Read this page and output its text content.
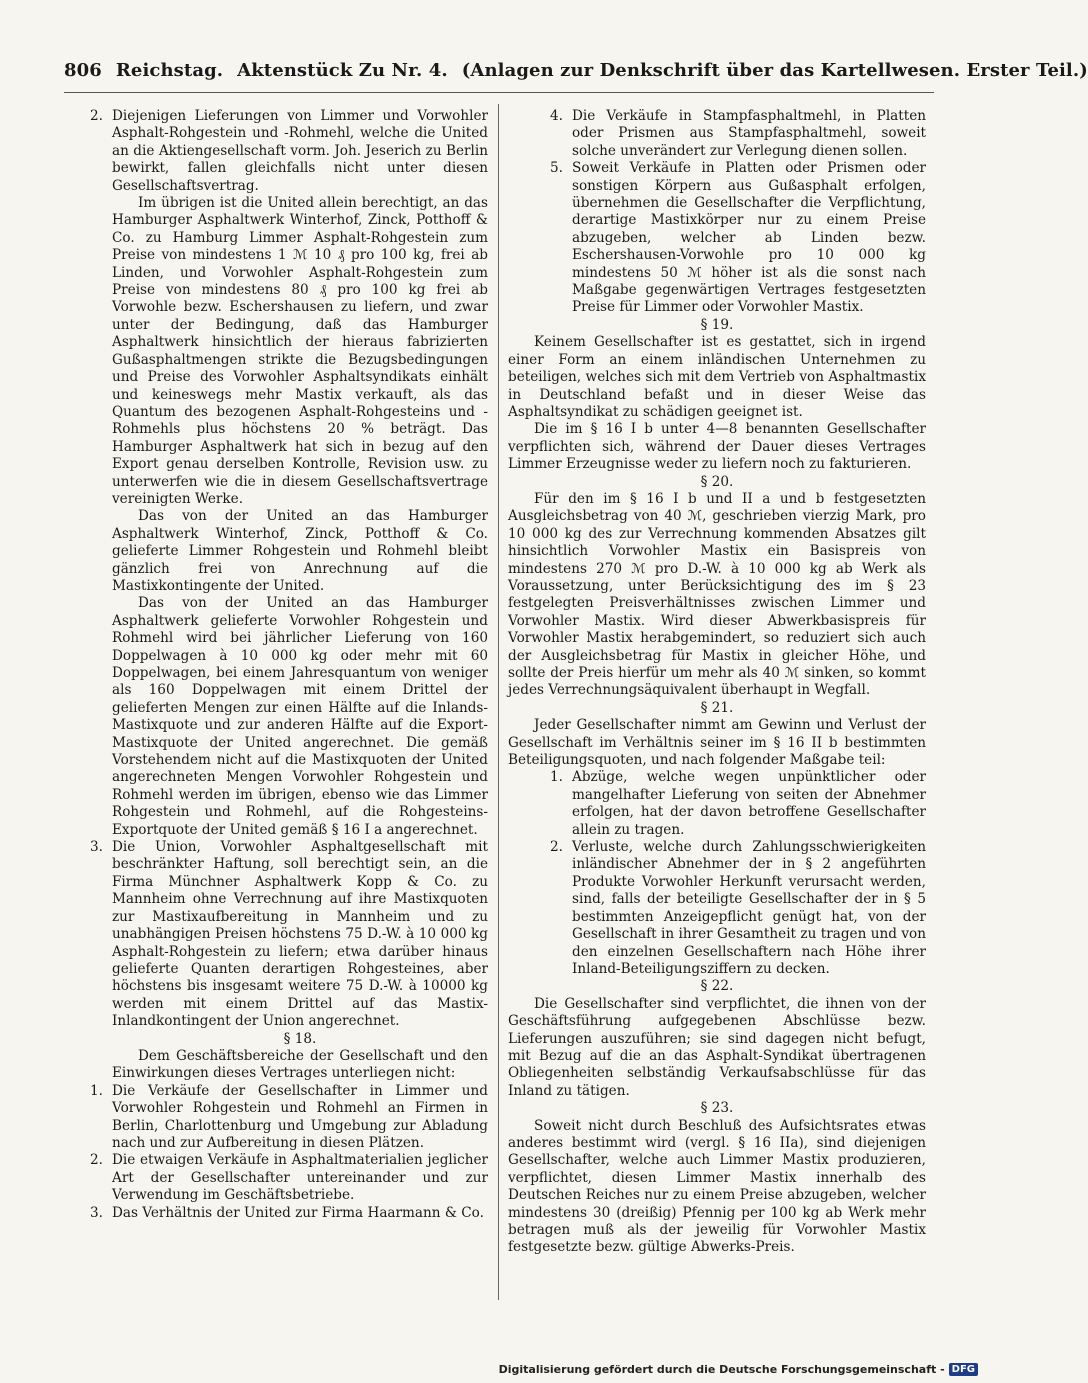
806 Reichstag. Aktenstück Zu Nr. 4. (Anlagen zur Denkschrift über das Kartellwesen. Erster Teil.)
2. Diejenigen Lieferungen von Limmer und Vorwohler Asphalt-Rohgestein und -Rohmehl, welche die United an die Aktiengesellschaft vorm. Joh. Jeserich zu Berlin bewirkt, fallen gleichfalls nicht unter diesen Gesellschaftsvertrag.

Im übrigen ist die United allein berechtigt, an das Hamburger Asphaltwerk Winterhof, Zinck, Potthoff & Co. zu Hamburg Limmer Asphalt-Rohgestein zum Preise von mindestens 1 ℳ 10 ₰ pro 100 kg, frei ab Linden, und Vorwohler Asphalt-Rohgestein zum Preise von mindestens 80 ₰ pro 100 kg frei ab Vorwohle bezw. Eschershausen zu liefern, und zwar unter der Bedingung, daß das Hamburger Asphaltwerk hinsichtlich der hieraus fabrizierten Gußasphaltmengen strikte die Bezugsbedingungen und Preise des Vorwohler Asphaltsyndikats einhält und keineswegs mehr Mastix verkauft, als das Quantum des bezogenen Asphalt-Rohgesteins und -Rohmehls plus höchstens 20 % beträgt. Das Hamburger Asphaltwerk hat sich in bezug auf den Export genau derselben Kontrolle, Revision usw. zu unterwerfen wie die in diesem Gesellschaftsvertrage vereinigten Werke.

Das von der United an das Hamburger Asphaltwerk Winterhof, Zinck, Potthoff & Co. gelieferte Limmer Rohgestein und Rohmehl bleibt gänzlich frei von Anrechnung auf die Mastixkontingente der United.

Das von der United an das Hamburger Asphaltwerk gelieferte Vorwohler Rohgestein und Rohmehl wird bei jährlicher Lieferung von 160 Doppelwagen à 10 000 kg oder mehr mit 60 Doppelwagen, bei einem Jahresquantum von weniger als 160 Doppelwagen mit einem Drittel der gelieferten Mengen zur einen Hälfte auf die Inlands-Mastixquote und zur anderen Hälfte auf die Export-Mastixquote der United angerechnet. Die gemäß Vorstehendem nicht auf die Mastixquoten der United angerechneten Mengen Vorwohler Rohgestein und Rohmehl werden im übrigen, ebenso wie das Limmer Rohgestein und Rohmehl, auf die Rohgesteins-Exportquote der United gemäß § 16 I a angerechnet.

3. Die Union, Vorwohler Asphaltgesellschaft mit beschränkter Haftung, soll berechtigt sein, an die Firma Münchner Asphaltwerk Kopp & Co. zu Mannheim ohne Verrechnung auf ihre Mastixquoten zur Mastixaufbereitung in Mannheim und zu unabhängigen Preisen höchstens 75 D.-W. à 10 000 kg Asphalt-Rohgestein zu liefern; etwa darüber hinaus gelieferte Quanten derartigen Rohgesteines, aber höchstens bis insgesamt weitere 75 D.-W. à 10000 kg werden mit einem Drittel auf das Mastix-Inlandkontingent der Union angerechnet.

§ 18.

Dem Geschäftsbereiche der Gesellschaft und den Einwirkungen dieses Vertrages unterliegen nicht:

1. Die Verkäufe der Gesellschafter in Limmer und Vorwohler Rohgestein und Rohmehl an Firmen in Berlin, Charlottenburg und Umgebung zur Abladung nach und zur Aufbereitung in diesen Plätzen.
2. Die etwaigen Verkäufe in Asphaltmaterialien jeglicher Art der Gesellschafter untereinander und zur Verwendung im Geschäftsbetriebe.
3. Das Verhältnis der United zur Firma Haarmann & Co.
4. Die Verkäufe in Stampfasphaltmehl, in Platten oder Prismen aus Stampfasphaltmehl, soweit solche unverändert zur Verlegung dienen sollen.
5. Soweit Verkäufe in Platten oder Prismen oder sonstigen Körpern aus Gußasphalt erfolgen, übernehmen die Gesellschafter die Verpflichtung, derartige Mastixkörper nur zu einem Preise abzugeben, welcher ab Linden bezw. Eschershausen-Vorwohle pro 10 000 kg mindestens 50 ℳ höher ist als die sonst nach Maßgabe gegenwärtigen Vertrages festgesetzten Preise für Limmer oder Vorwohler Mastix.

§ 19.

Keinem Gesellschafter ist es gestattet, sich in irgend einer Form an einem inländischen Unternehmen zu beteiligen, welches sich mit dem Vertrieb von Asphaltmastix in Deutschland befaßt und in dieser Weise das Asphaltsyndikat zu schädigen geeignet ist.

Die im § 16 I b unter 4—8 benannten Gesellschafter verpflichten sich, während der Dauer dieses Vertrages Limmer Erzeugnisse weder zu liefern noch zu fakturieren.

§ 20.

Für den im § 16 I b und II a und b festgesetzten Ausgleichsbetrag von 40 ℳ, geschrieben vierzig Mark, pro 10 000 kg des zur Verrechnung kommenden Absatzes gilt hinsichtlich Vorwohler Mastix ein Basispreis von mindestens 270 ℳ pro D.-W. à 10 000 kg ab Werk als Voraussetzung, unter Berücksichtigung des im § 23 festgelegten Preisverhältnisses zwischen Limmer und Vorwohler Mastix. Wird dieser Abwerkbasispreis für Vorwohler Mastix herabgemindert, so reduziert sich auch der Ausgleichsbetrag für Mastix in gleicher Höhe, und sollte der Preis hierfür um mehr als 40 ℳ sinken, so kommt jedes Verrechnungsäquivalent überhaupt in Wegfall.

§ 21.

Jeder Gesellschafter nimmt am Gewinn und Verlust der Gesellschaft im Verhältnis seiner im § 16 II b bestimmten Beteiligungsquoten, und nach folgender Maßgabe teil:

1. Abzüge, welche wegen unpünktlicher oder mangelhafter Lieferung von seiten der Abnehmer erfolgen, hat der davon betroffene Gesellschafter allein zu tragen.
2. Verluste, welche durch Zahlungsschwierigkeiten inländischer Abnehmer der in § 2 angeführten Produkte Vorwohler Herkunft verursacht werden, sind, falls der beteiligte Gesellschafter der in § 5 bestimmten Anzeigepflicht genügt hat, von der Gesellschaft in ihrer Gesamtheit zu tragen und von den einzelnen Gesellschaftern nach Höhe ihrer Inland-Beteiligungsziffern zu decken.

§ 22.

Die Gesellschafter sind verpflichtet, die ihnen von der Geschäftsführung aufgegebenen Abschlüsse bezw. Lieferungen auszuführen; sie sind dagegen nicht befugt, mit Bezug auf die an das Asphalt-Syndikat übertragenen Obliegenheiten selbständig Verkaufsabschlüsse für das Inland zu tätigen.

§ 23.

Soweit nicht durch Beschluß des Aufsichtsrates etwas anderes bestimmt wird (vergl. § 16 IIa), sind diejenigen Gesellschafter, welche auch Limmer Mastix produzieren, verpflichtet, diesen Limmer Mastix innerhalb des Deutschen Reiches nur zu einem Preise abzugeben, welcher mindestens 30 (dreißig) Pfennig per 100 kg ab Werk mehr betragen muß als der jeweilig für Vorwohler Mastix festgesetzte bezw. gültige Abwerks-Preis.

Digitalisierung gefördert durch die Deutsche Forschungsgemeinschaft - DFG
